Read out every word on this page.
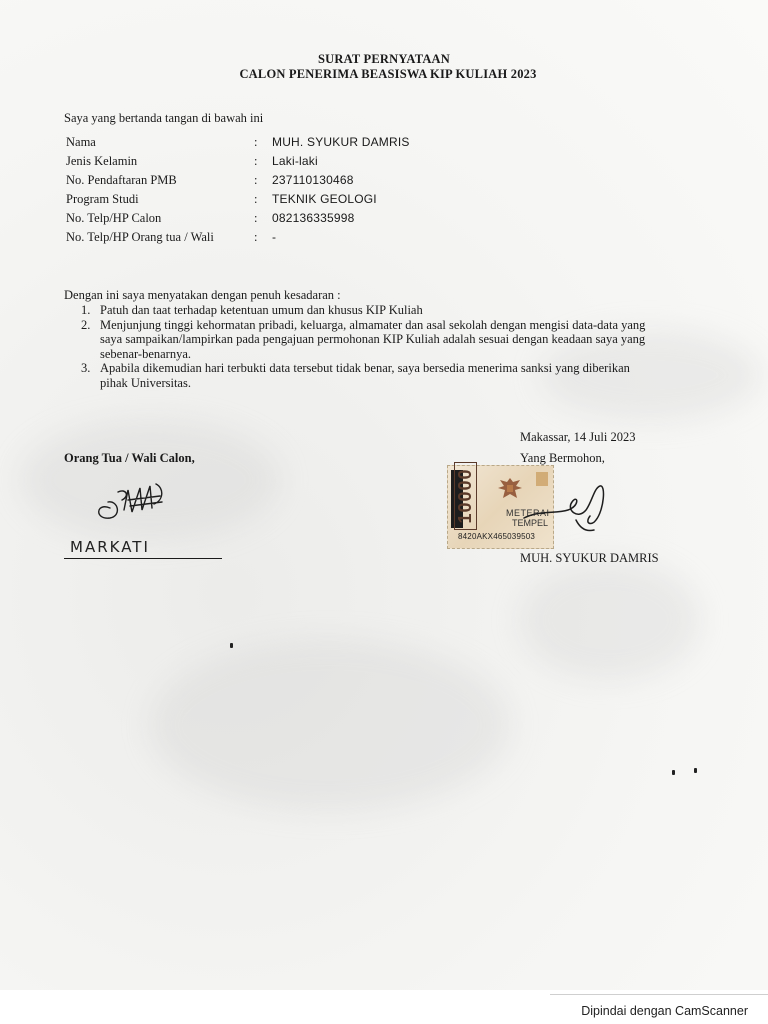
SURAT PERNYATAAN
CALON PENERIMA BEASISWA KIP KULIAH 2023
Saya yang bertanda tangan di bawah ini
Nama	: MUH. SYUKUR DAMRIS
Jenis Kelamin	: Laki-laki
No. Pendaftaran PMB	: 237110130468
Program Studi	: TEKNIK GEOLOGI
No. Telp/HP Calon	: 082136335998
No. Telp/HP Orang tua / Wali	: -
Dengan ini saya menyatakan dengan penuh kesadaran :
1. Patuh dan taat terhadap ketentuan umum dan khusus KIP Kuliah
2. Menjunjung tinggi kehormatan pribadi, keluarga, almamater dan asal sekolah dengan mengisi data-data yang
saya sampaikan/lampirkan pada pengajuan permohonan KIP Kuliah adalah sesuai dengan keadaan saya yang
sebenar-benarnya.
3. Apabila dikemudian hari terbukti data tersebut tidak benar, saya bersedia menerima sanksi yang diberikan
pihak Universitas.
Makassar, 14 Juli 2023
Orang Tua / Wali Calon,	Yang Bermohon,
MARKATI
10000	METERAI
TEMPEL
8420AKX465039503
MUH. SYUKUR DAMRIS
Dipindai dengan CamScanner
